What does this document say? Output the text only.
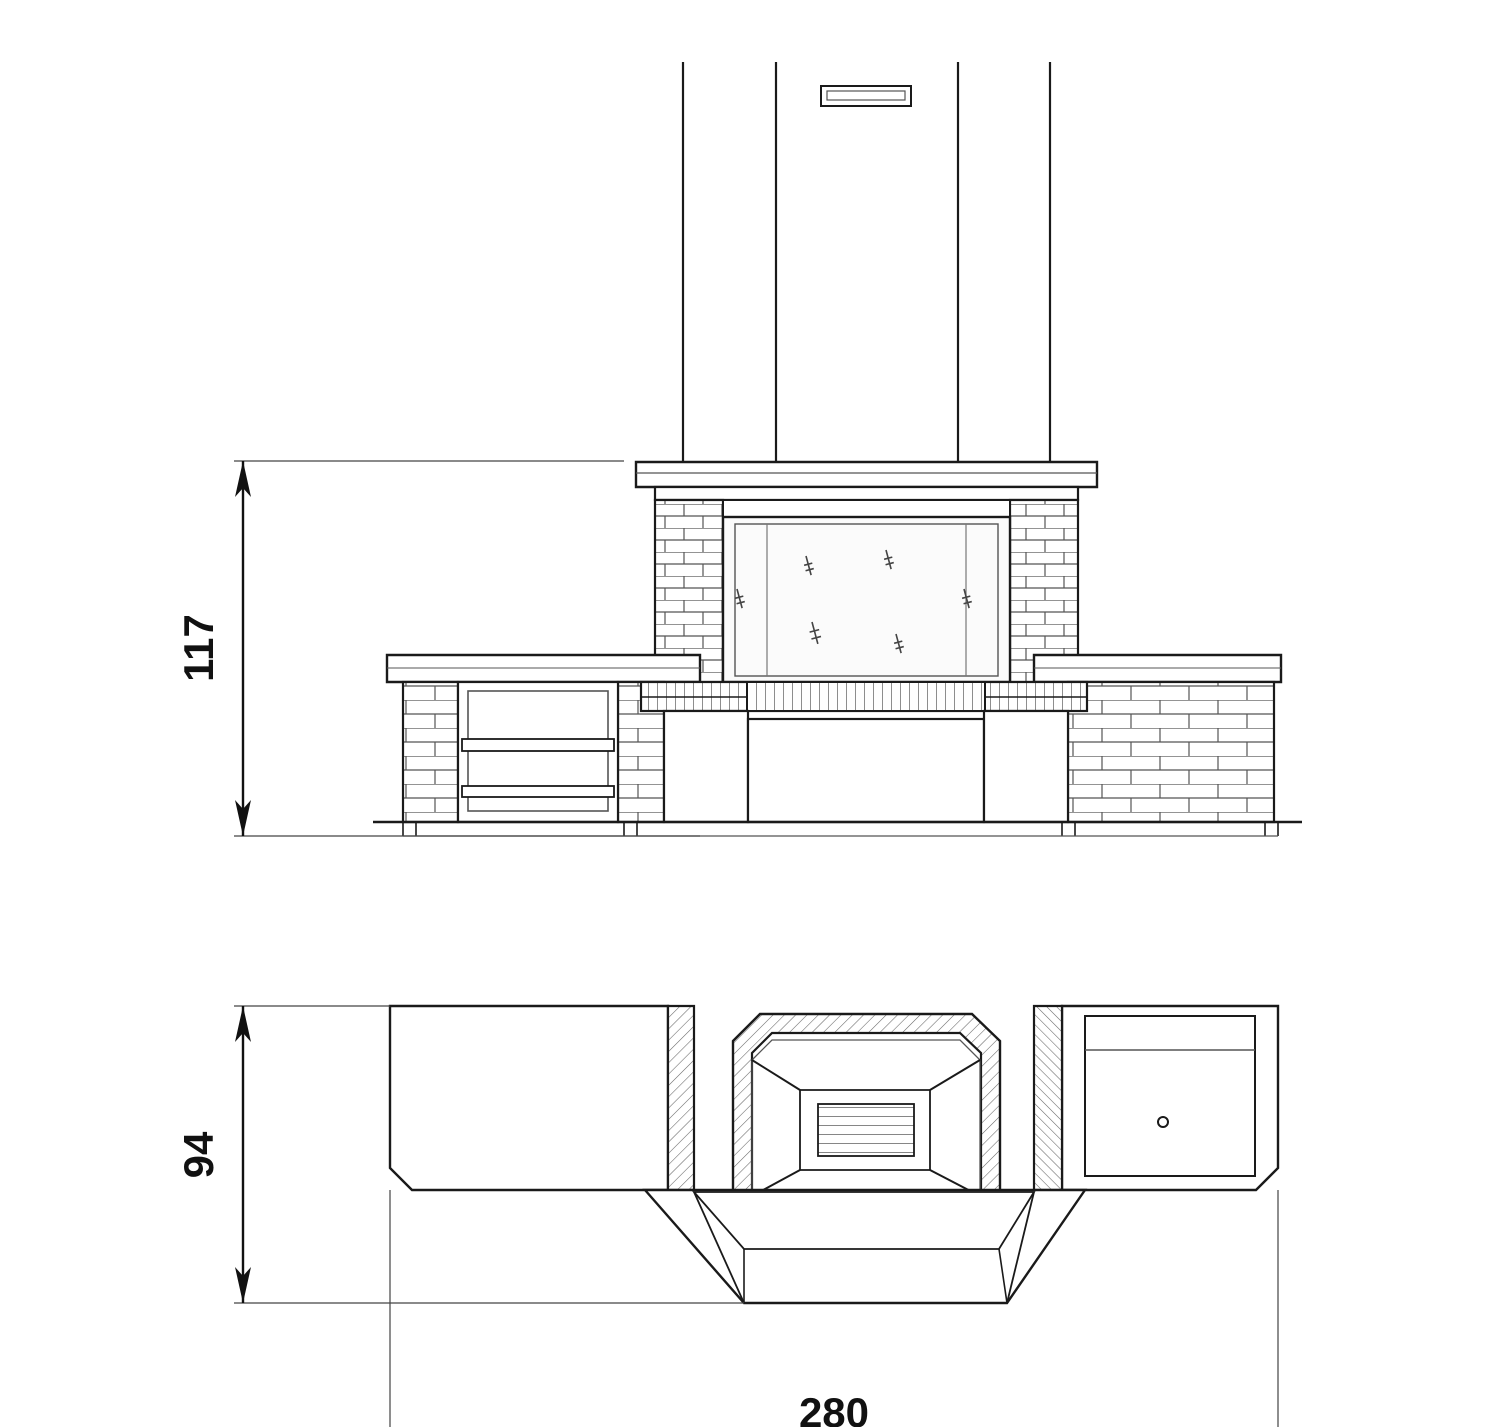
117
94
280
